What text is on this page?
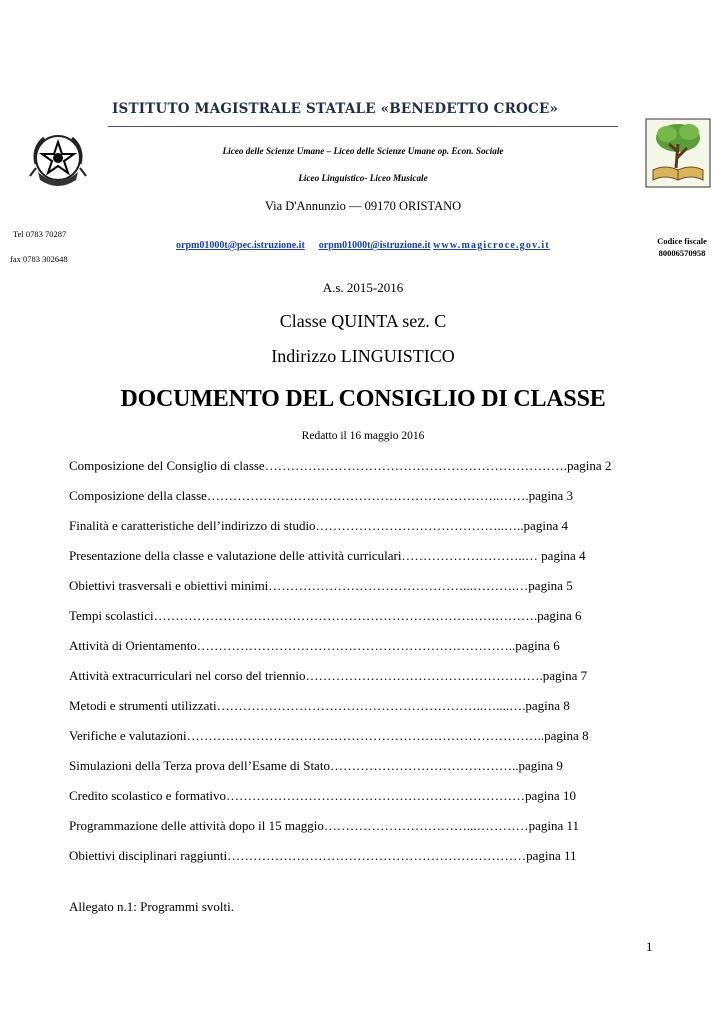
ISTITUTO MAGISTRALE STATALE «BENEDETTO CROCE»
Liceo delle Scienze Umane – Liceo delle Scienze Umane op. Econ. Sociale
Liceo Linguistico- Liceo Musicale
Via D'Annunzio — 09170 ORISTANO
Tel 0783 70287
fax 0783 302648
orpm01000t@pec.istruzione.it orpm01000t@istruzione.it www.magicroce.gov.it	Codice fiscale
80006570958
A.s. 2015-2016
Classe QUINTA sez. C
Indirizzo LINGUISTICO
DOCUMENTO DEL CONSIGLIO DI CLASSE
Redatto il 16 maggio 2016
Composizione del Consiglio di classe…………………………………………………………….pagina 2
Composizione della classe…………………………………………………………..…….pagina 3
Finalità e caratteristiche dell’indirizzo di studio……………………………………..…..pagina 4
Presentazione della classe e valutazione delle attività curriculari………………………..… pagina 4
Obiettivi trasversali e obiettivi minimi………………………………………...……….…pagina 5
Tempi scolastici…………………………………………………………………….……….pagina 6
Attività di Orientamento………………………………………………………………..pagina 6
Attività extracurriculari nel corso del triennio……………………………………………….pagina 7
Metodi e strumenti utilizzati……………………………………………………..…....….pagina 8
Verifiche e valutazioni………………………………………………………………………..pagina 8
Simulazioni della Terza prova dell’Esame di Stato……………………………………..pagina 9
Credito scolastico e formativo……………………………………………………………pagina 10
Programmazione delle attività dopo il 15 maggio……………………………...…………pagina 11
Obiettivi disciplinari raggiunti……………………………………………………………pagina 11
Allegato n.1: Programmi svolti.
1
